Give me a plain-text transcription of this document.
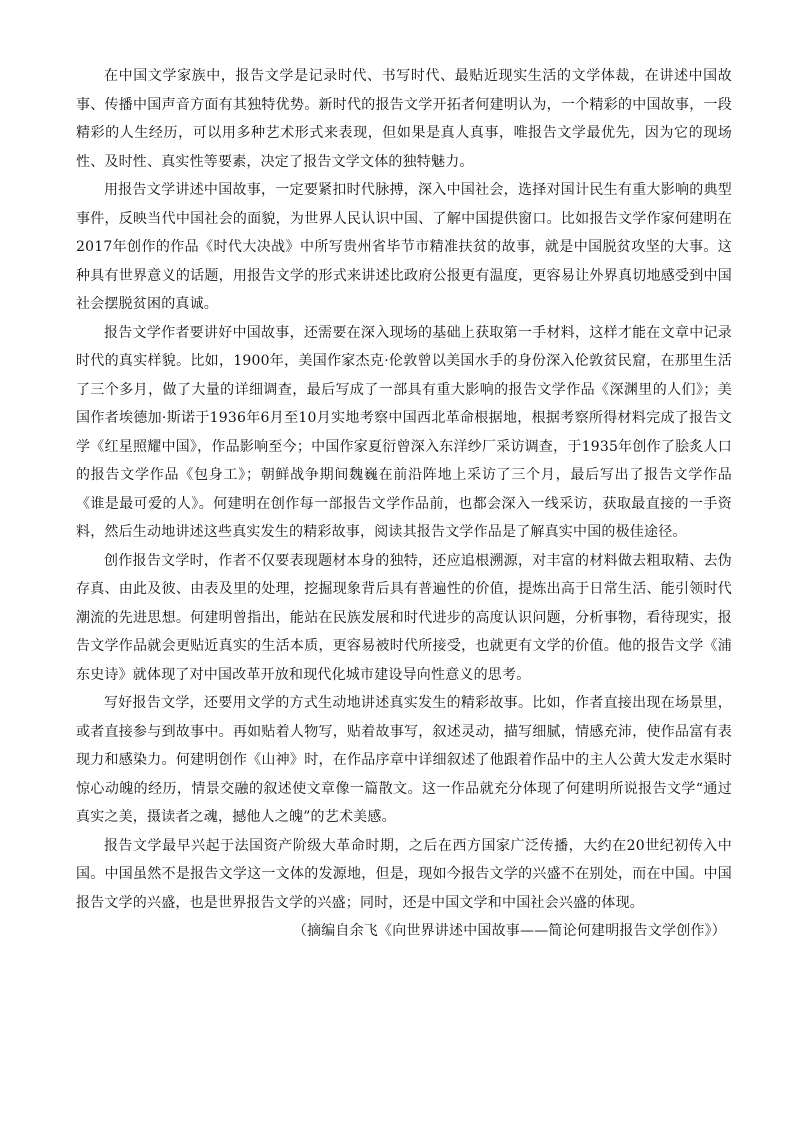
在中国文学家族中，报告文学是记录时代、书写时代、最贴近现实生活的文学体裁，在讲述中国故事、传播中国声音方面有其独特优势。新时代的报告文学开拓者何建明认为，一个精彩的中国故事，一段精彩的人生经历，可以用多种艺术形式来表现，但如果是真人真事，唯报告文学最优先，因为它的现场性、及时性、真实性等要素，决定了报告文学文体的独特魅力。

用报告文学讲述中国故事，一定要紧扣时代脉搏，深入中国社会，选择对国计民生有重大影响的典型事件，反映当代中国社会的面貌，为世界人民认识中国、了解中国提供窗口。比如报告文学作家何建明在2017年创作的作品《时代大决战》中所写贵州省毕节市精准扶贫的故事，就是中国脱贫攻坚的大事。这种具有世界意义的话题，用报告文学的形式来讲述比政府公报更有温度，更容易让外界真切地感受到中国社会摆脱贫困的真诚。

报告文学作者要讲好中国故事，还需要在深入现场的基础上获取第一手材料，这样才能在文章中记录时代的真实样貌。比如，1900年，美国作家杰克·伦敦曾以美国水手的身份深入伦敦贫民窟，在那里生活了三个多月，做了大量的详细调查，最后写成了一部具有重大影响的报告文学作品《深渊里的人们》；美国作者埃德加·斯诺于1936年6月至10月实地考察中国西北革命根据地，根据考察所得材料完成了报告文学《红星照耀中国》，作品影响至今；中国作家夏衍曾深入东洋纱厂采访调查，于1935年创作了脍炙人口的报告文学作品《包身工》；朝鲜战争期间魏巍在前沿阵地上采访了三个月，最后写出了报告文学作品《谁是最可爱的人》。何建明在创作每一部报告文学作品前，也都会深入一线采访，获取最直接的一手资料，然后生动地讲述这些真实发生的精彩故事，阅读其报告文学作品是了解真实中国的极佳途径。

创作报告文学时，作者不仅要表现题材本身的独特，还应追根溯源，对丰富的材料做去粗取精、去伪存真、由此及彼、由表及里的处理，挖掘现象背后具有普遍性的价值，提炼出高于日常生活、能引领时代潮流的先进思想。何建明曾指出，能站在民族发展和时代进步的高度认识问题，分析事物，看待现实，报告文学作品就会更贴近真实的生活本质，更容易被时代所接受，也就更有文学的价值。他的报告文学《浦东史诗》就体现了对中国改革开放和现代化城市建设导向性意义的思考。

写好报告文学，还要用文学的方式生动地讲述真实发生的精彩故事。比如，作者直接出现在场景里，或者直接参与到故事中。再如贴着人物写，贴着故事写，叙述灵动，描写细腻，情感充沛，使作品富有表现力和感染力。何建明创作《山神》时，在作品序章中详细叙述了他跟着作品中的主人公黄大发走水渠时惊心动魄的经历，情景交融的叙述使文章像一篇散文。这一作品就充分体现了何建明所说报告文学“通过真实之美，摄读者之魂，撼他人之魄”的艺术美感。

报告文学最早兴起于法国资产阶级大革命时期，之后在西方国家广泛传播，大约在20世纪初传入中国。中国虽然不是报告文学这一文体的发源地，但是，现如今报告文学的兴盛不在别处，而在中国。中国报告文学的兴盛，也是世界报告文学的兴盛；同时，还是中国文学和中国社会兴盛的体现。

（摘编自余飞《向世界讲述中国故事——简论何建明报告文学创作》）
